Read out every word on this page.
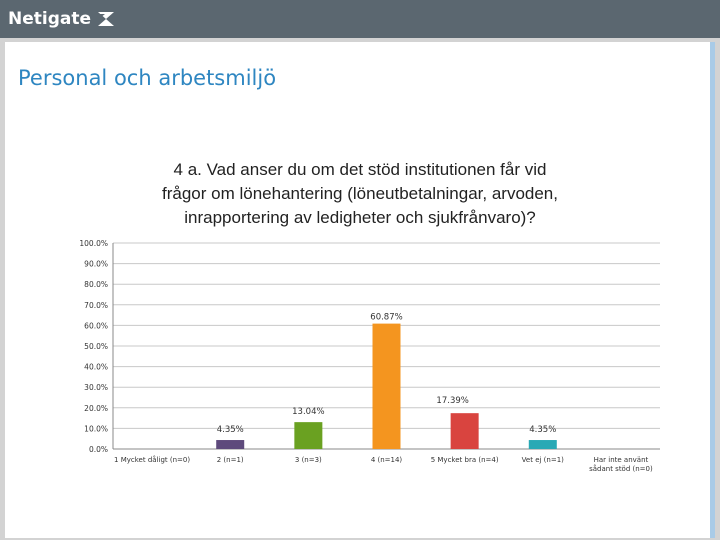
Netigate
Personal och arbetsmiljö
4 a. Vad anser du om det stöd institutionen får vid
frågor om lönehantering (löneutbetalningar, arvoden,
inrapportering av ledigheter och sjukfrånvaro)?
0.0%
10.0%
20.0%
30.0%
40.0%
50.0%
60.0%
70.0%
80.0%
90.0%
100.0%
1 Mycket dåligt (n=0)
4.35%
2 (n=1)
13.04%
3 (n=3)
60.87%
4 (n=14)
17.39%
5 Mycket bra (n=4)
4.35%
Vet ej (n=1)	Har inte använt sådant stöd (n=0)
